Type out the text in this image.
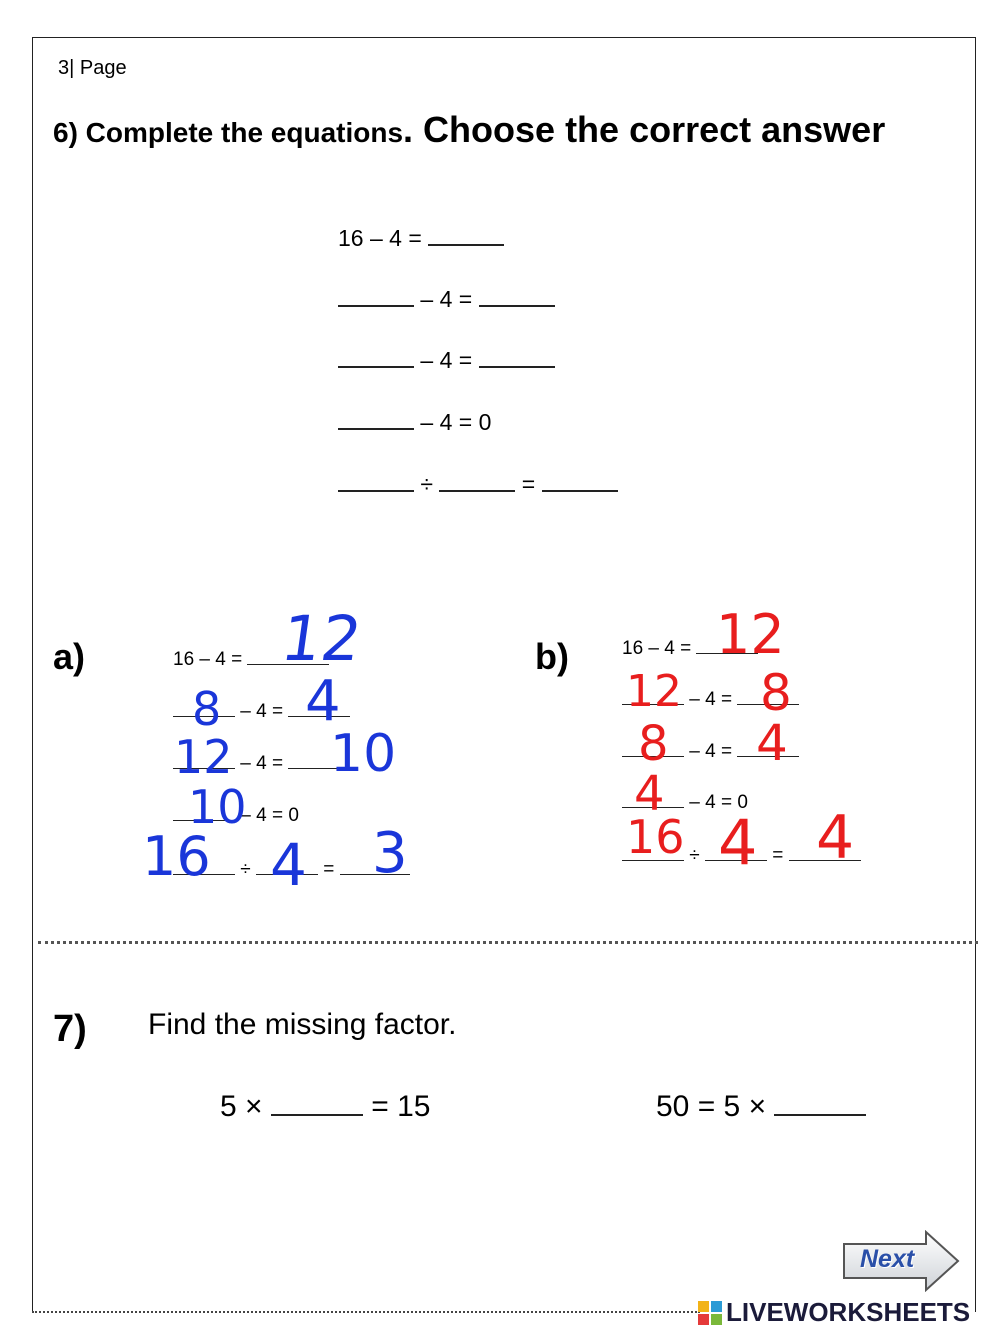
3| Page
6) Complete the equations. Choose the correct answer
16 – 4 =
– 4 =
– 4 =
– 4 = 0
÷	=
a)	16 – 4 =
– 4 =
– 4 =
– 4 = 0
÷	=
12
8 4
12 10
10
16 4 3
b)	16 – 4 =
– 4 =
– 4 =
– 4 = 0
÷	=
12
12 8
8 4
4
16 4 4
7) Find the missing factor.
5 ×	= 15	50 = 5 ×
Next
LIVEWORKSHEETS
